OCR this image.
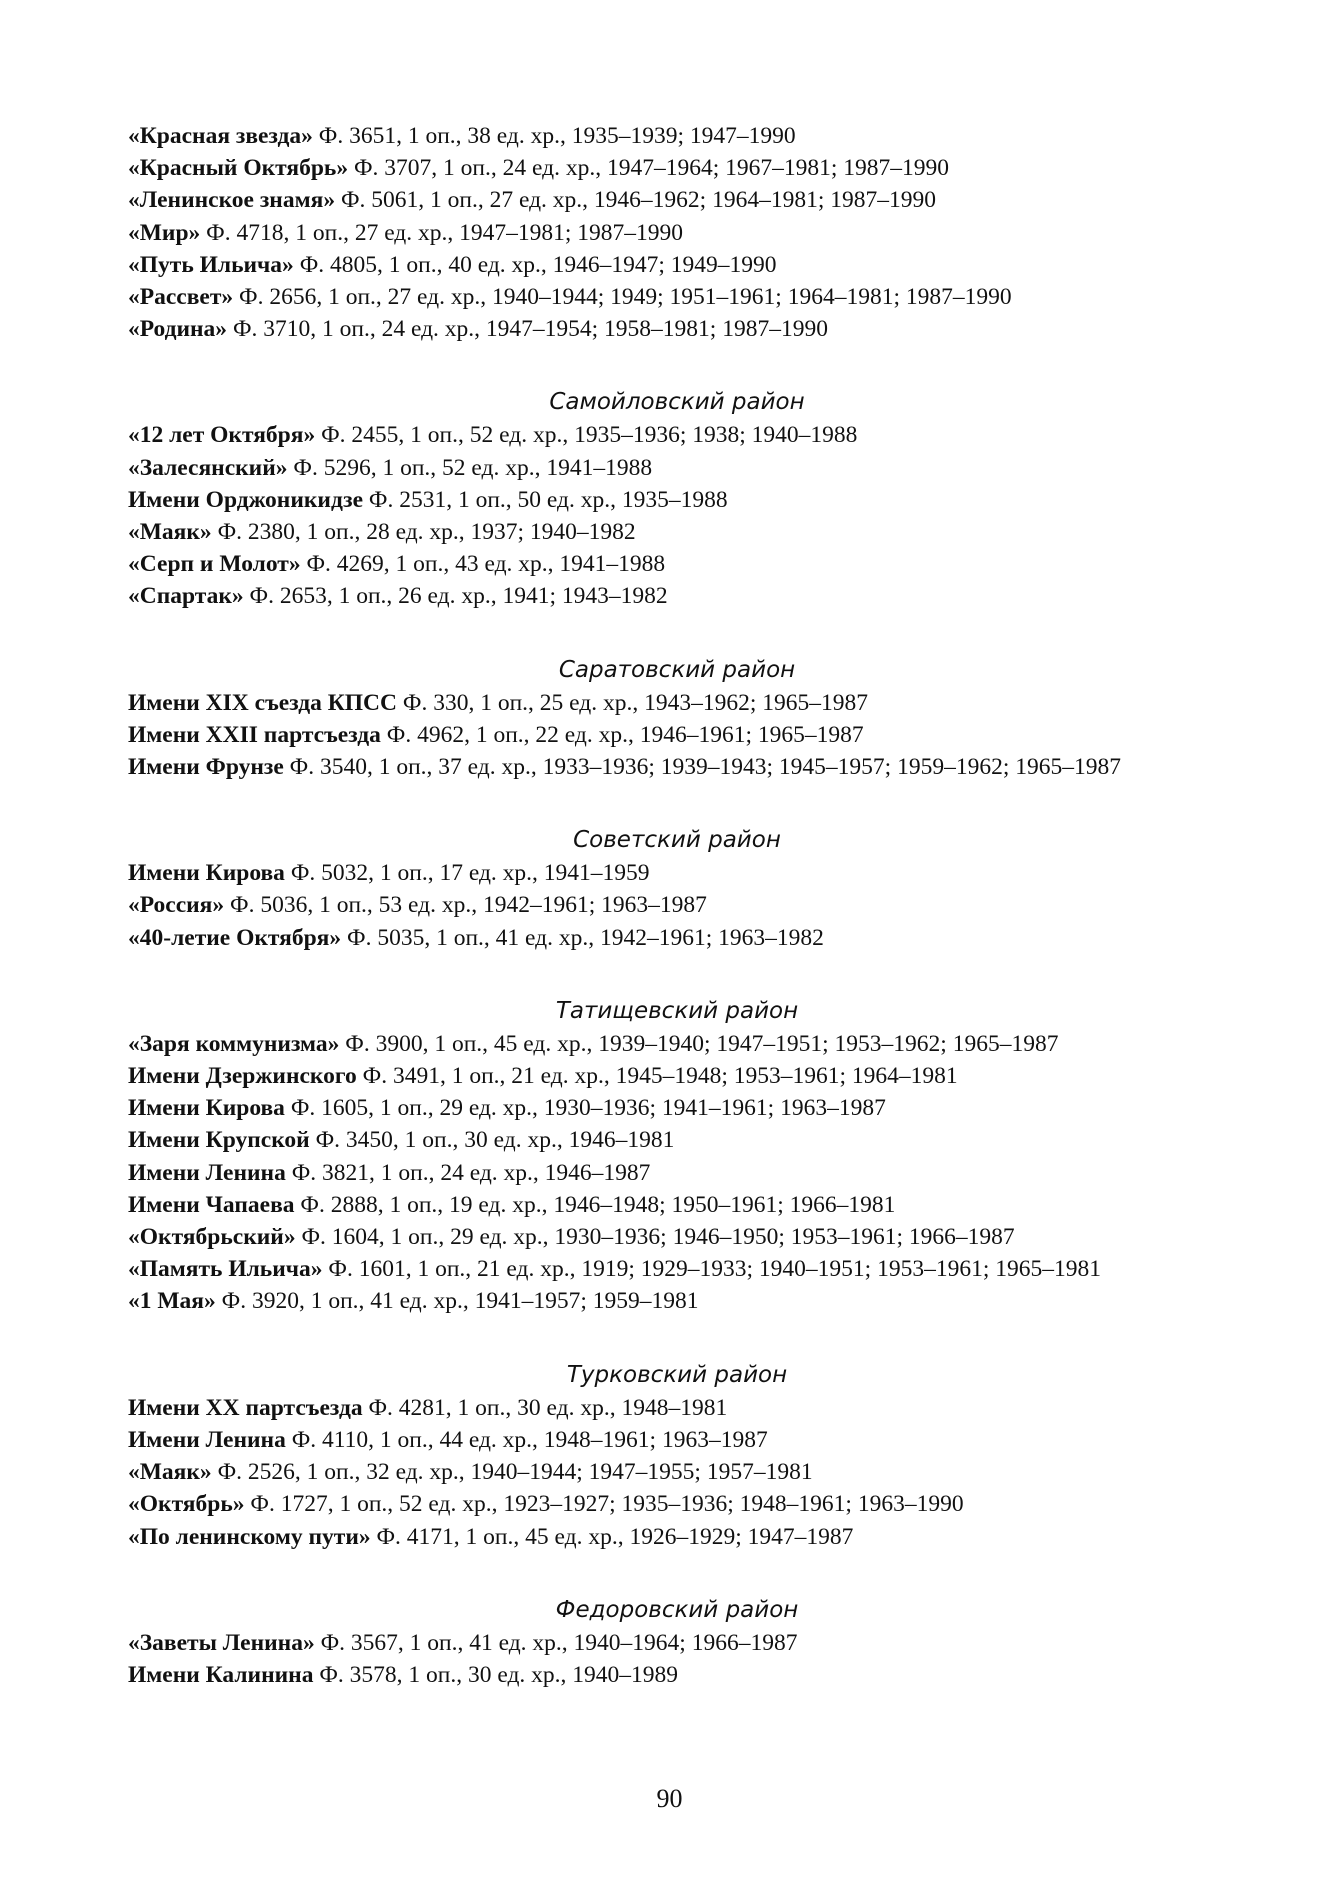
«Красная звезда» Ф. 3651, 1 оп., 38 ед. хр., 1935–1939; 1947–1990

«Красный Октябрь» Ф. 3707, 1 оп., 24 ед. хр., 1947–1964; 1967–1981; 1987–1990

«Ленинское знамя» Ф. 5061, 1 оп., 27 ед. хр., 1946–1962; 1964–1981; 1987–1990

«Мир» Ф. 4718, 1 оп., 27 ед. хр., 1947–1981; 1987–1990

«Путь Ильича» Ф. 4805, 1 оп., 40 ед. хр., 1946–1947; 1949–1990

«Рассвет» Ф. 2656, 1 оп., 27 ед. хр., 1940–1944; 1949; 1951–1961; 1964–1981; 1987–1990

«Родина» Ф. 3710, 1 оп., 24 ед. хр., 1947–1954; 1958–1981; 1987–1990

Самойловский район

«12 лет Октября» Ф. 2455, 1 оп., 52 ед. хр., 1935–1936; 1938; 1940–1988

«Залесянский» Ф. 5296, 1 оп., 52 ед. хр., 1941–1988

Имени Орджоникидзе Ф. 2531, 1 оп., 50 ед. хр., 1935–1988

«Маяк» Ф. 2380, 1 оп., 28 ед. хр., 1937; 1940–1982

«Серп и Молот» Ф. 4269, 1 оп., 43 ед. хр., 1941–1988

«Спартак» Ф. 2653, 1 оп., 26 ед. хр., 1941; 1943–1982

Саратовский район

Имени XIX съезда КПСС Ф. 330, 1 оп., 25 ед. хр., 1943–1962; 1965–1987

Имени XXII партсъезда Ф. 4962, 1 оп., 22 ед. хр., 1946–1961; 1965–1987

Имени Фрунзе Ф. 3540, 1 оп., 37 ед. хр., 1933–1936; 1939–1943; 1945–1957; 1959–1962; 1965–1987

Советский район

Имени Кирова Ф. 5032, 1 оп., 17 ед. хр., 1941–1959

«Россия» Ф. 5036, 1 оп., 53 ед. хр., 1942–1961; 1963–1987

«40-летие Октября» Ф. 5035, 1 оп., 41 ед. хр., 1942–1961; 1963–1982

Татищевский район

«Заря коммунизма» Ф. 3900, 1 оп., 45 ед. хр., 1939–1940; 1947–1951; 1953–1962; 1965–1987

Имени Дзержинского Ф. 3491, 1 оп., 21 ед. хр., 1945–1948; 1953–1961; 1964–1981

Имени Кирова Ф. 1605, 1 оп., 29 ед. хр., 1930–1936; 1941–1961; 1963–1987

Имени Крупской Ф. 3450, 1 оп., 30 ед. хр., 1946–1981

Имени Ленина Ф. 3821, 1 оп., 24 ед. хр., 1946–1987

Имени Чапаева Ф. 2888, 1 оп., 19 ед. хр., 1946–1948; 1950–1961; 1966–1981

«Октябрьский» Ф. 1604, 1 оп., 29 ед. хр., 1930–1936; 1946–1950; 1953–1961; 1966–1987

«Память Ильича» Ф. 1601, 1 оп., 21 ед. хр., 1919; 1929–1933; 1940–1951; 1953–1961; 1965–1981

«1 Мая» Ф. 3920, 1 оп., 41 ед. хр., 1941–1957; 1959–1981

Турковский район

Имени XX партсъезда Ф. 4281, 1 оп., 30 ед. хр., 1948–1981

Имени Ленина Ф. 4110, 1 оп., 44 ед. хр., 1948–1961; 1963–1987

«Маяк» Ф. 2526, 1 оп., 32 ед. хр., 1940–1944; 1947–1955; 1957–1981

«Октябрь» Ф. 1727, 1 оп., 52 ед. хр., 1923–1927; 1935–1936; 1948–1961; 1963–1990

«По ленинскому пути» Ф. 4171, 1 оп., 45 ед. хр., 1926–1929; 1947–1987

Федоровский район

«Заветы Ленина» Ф. 3567, 1 оп., 41 ед. хр., 1940–1964; 1966–1987

Имени Калинина Ф. 3578, 1 оп., 30 ед. хр., 1940–1989

90
